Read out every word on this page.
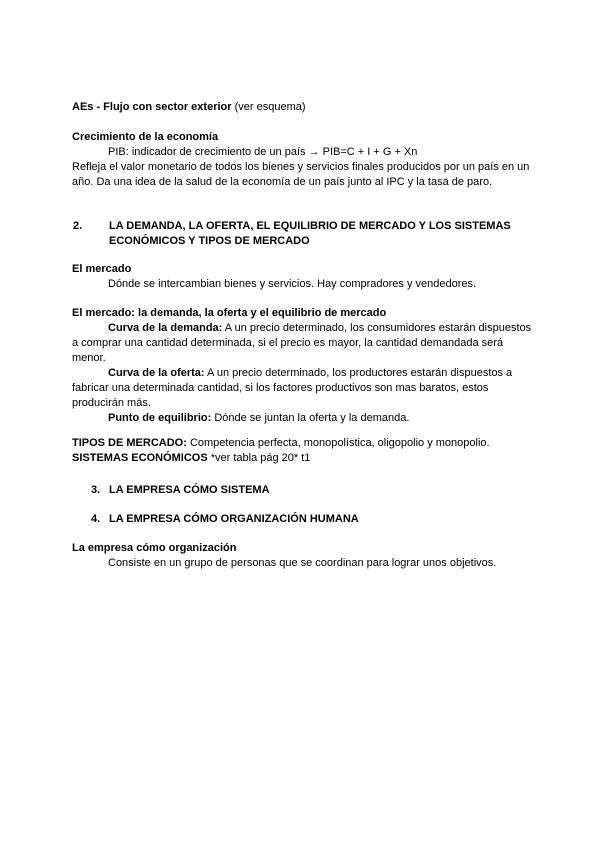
AEs - Flujo con sector exterior (ver esquema)

Crecimiento de la economía

PIB: indicador de crecimiento de un país → PIB=C + I + G + Xn

Refleja el valor monetario de todos los bienes y servicios finales producidos por un país en un año. Da una idea de la salud de la economía de un país junto al IPC y la tasa de paro.

2. LA DEMANDA, LA OFERTA, EL EQUILIBRIO DE MERCADO Y LOS SISTEMAS ECONÓMICOS Y TIPOS DE MERCADO

El mercado

Dónde se intercambian bienes y servicios. Hay compradores y vendedores.

El mercado: la demanda, la oferta y el equilibrio de mercado

Curva de la demanda: A un precio determinado, los consumidores estarán dispuestos a comprar una cantidad determinada, si el precio es mayor, la cantidad demandada será menor.

Curva de la oferta: A un precio determinado, los productores estarán dispuestos a fabricar una determinada cantidad, si los factores productivos son mas baratos, estos producirán más.

Punto de equilibrio: Dónde se juntan la oferta y la demanda.

TIPOS DE MERCADO: Competencia perfecta, monopolística, oligopolio y monopolio.

SISTEMAS ECONÓMICOS *ver tabla pág 20* t1

3. LA EMPRESA CÓMO SISTEMA

4. LA EMPRESA CÓMO ORGANIZACIÓN HUMANA

La empresa cómo organización

Consiste en un grupo de personas que se coordinan para lograr unos objetivos.
